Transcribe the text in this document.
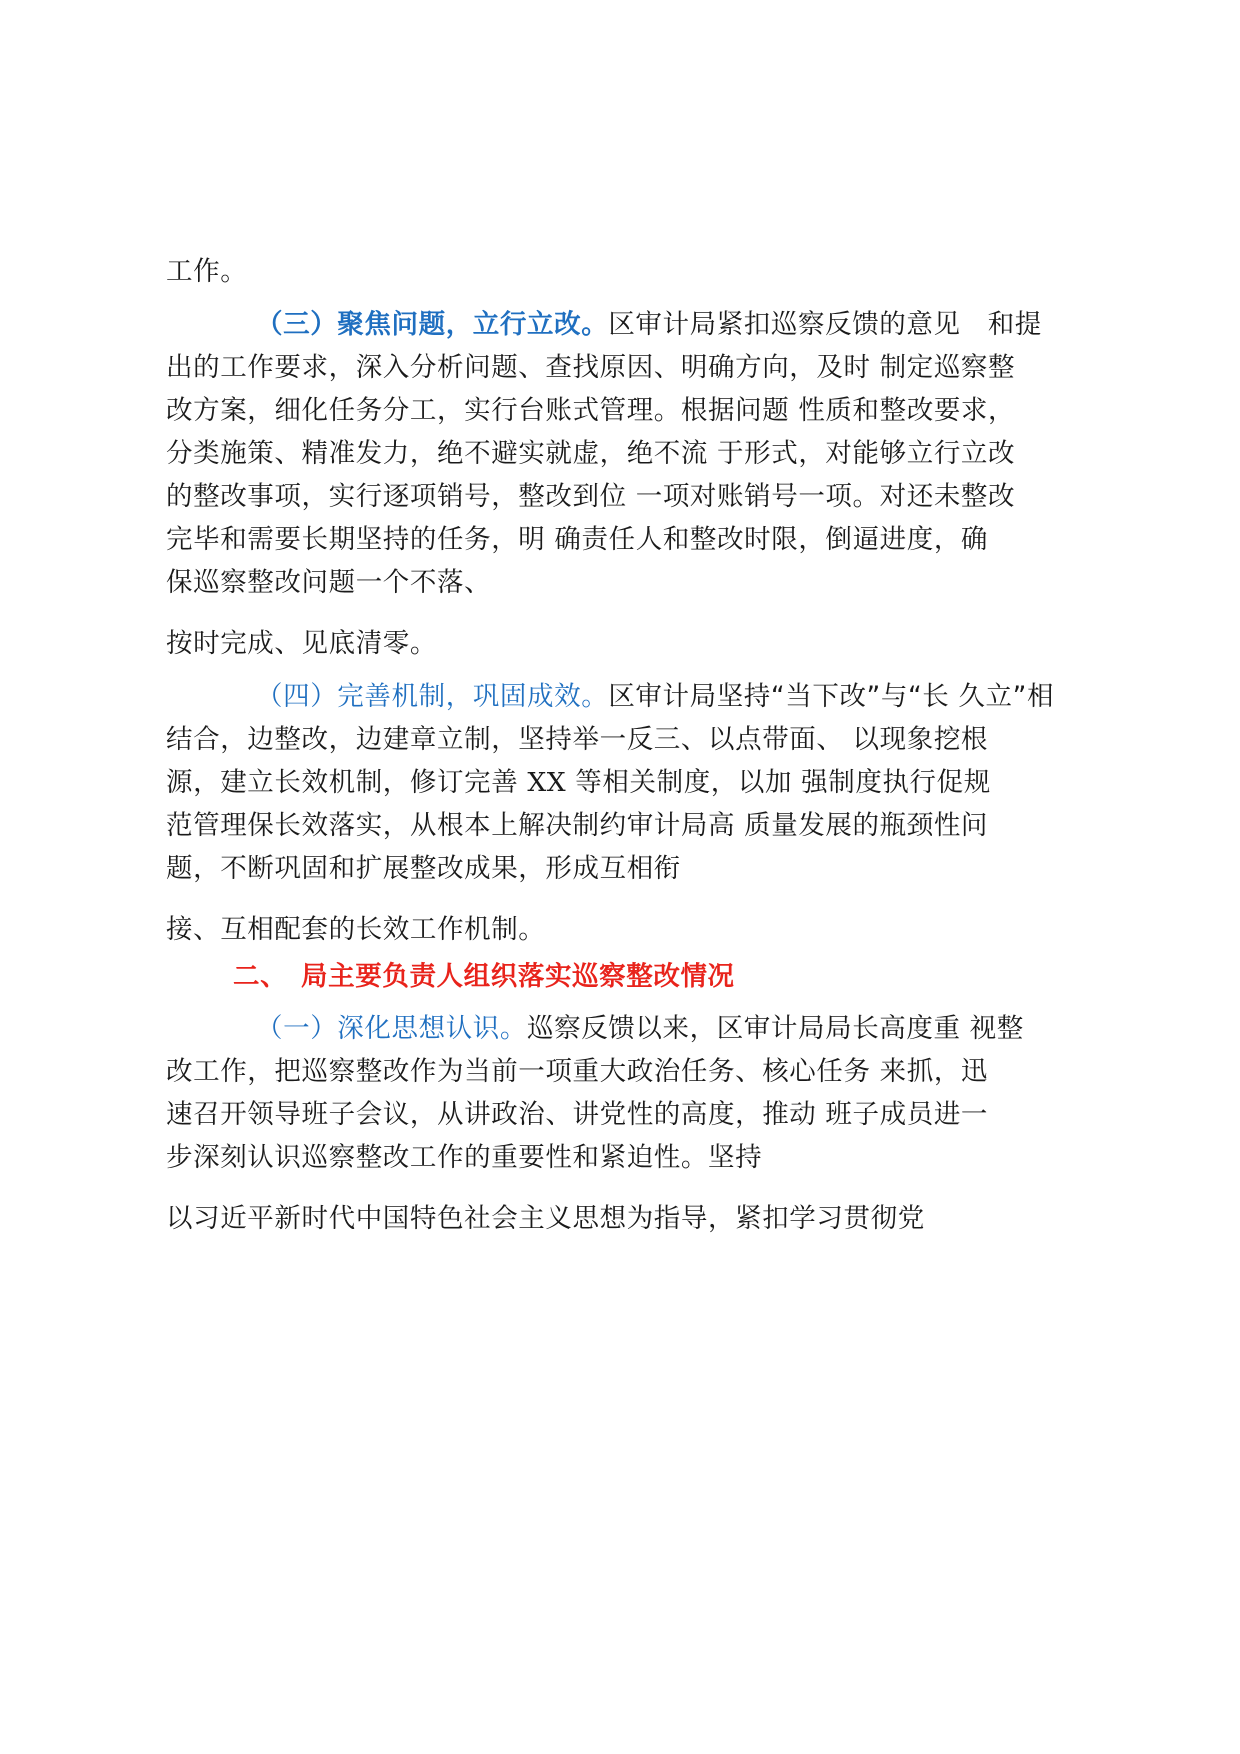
工作。
（三）聚焦问题，立行立改。区审计局紧扣巡察反馈的意见　和提
出的工作要求，深入分析问题、查找原因、明确方向，及时 制定巡察整
改方案，细化任务分工，实行台账式管理。根据问题 性质和整改要求，
分类施策、精准发力，绝不避实就虚，绝不流 于形式，对能够立行立改
的整改事项，实行逐项销号，整改到位 一项对账销号一项。对还未整改
完毕和需要长期坚持的任务，明 确责任人和整改时限，倒逼进度，确
保巡察整改问题一个不落、
按时完成、见底清零。
（四）完善机制，巩固成效。区审计局坚持“当下改”与“长 久立”相
结合，边整改，边建章立制，坚持举一反三、以点带面、 以现象挖根
源，建立长效机制，修订完善 XX 等相关制度，以加 强制度执行促规
范管理保长效落实，从根本上解决制约审计局高 质量发展的瓶颈性问
题，不断巩固和扩展整改成果，形成互相衔
接、互相配套的长效工作机制。
二、　局主要负责人组织落实巡察整改情况
（一）深化思想认识。巡察反馈以来，区审计局局长高度重 视整
改工作，把巡察整改作为当前一项重大政治任务、核心任务 来抓，迅
速召开领导班子会议，从讲政治、讲党性的高度，推动 班子成员进一
步深刻认识巡察整改工作的重要性和紧迫性。坚持
以习近平新时代中国特色社会主义思想为指导，紧扣学习贯彻党
